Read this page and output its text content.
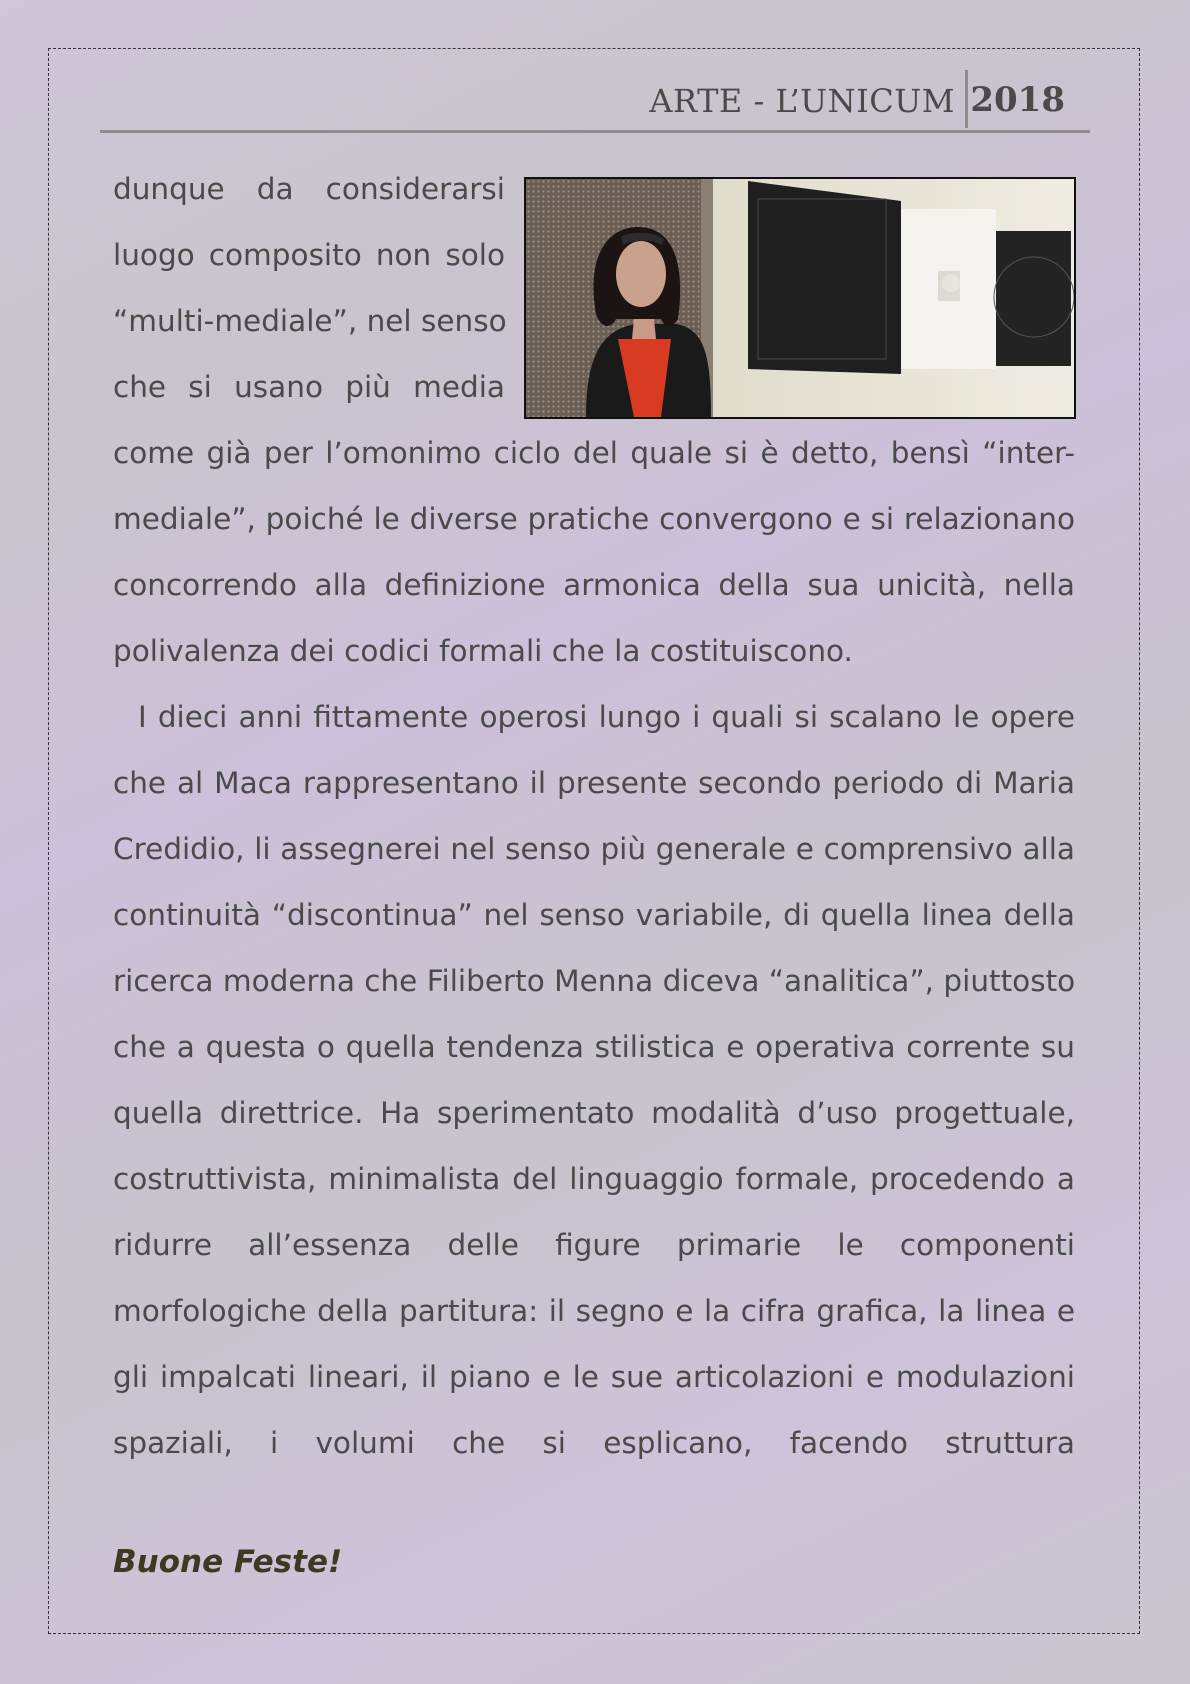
ARTE - L’UNICUM 2018
dunque da considerarsi
luogo composito non solo
“multi-mediale”, nel senso
che si usano più media
come già per l’omonimo ciclo del quale si è detto, bensì “inter-
mediale”, poiché le diverse pratiche convergono e si relazionano
concorrendo alla definizione armonica della sua unicità, nella
polivalenza dei codici formali che la costituiscono.
I dieci anni fittamente operosi lungo i quali si scalano le opere
che al Maca rappresentano il presente secondo periodo di Maria
Credidio, li assegnerei nel senso più generale e comprensivo alla
continuità “discontinua” nel senso variabile, di quella linea della
ricerca moderna che Filiberto Menna diceva “analitica”, piuttosto
che a questa o quella tendenza stilistica e operativa corrente su
quella direttrice. Ha sperimentato modalità d’uso progettuale,
costruttivista, minimalista del linguaggio formale, procedendo a
ridurre all’essenza delle figure primarie le componenti
morfologiche della partitura: il segno e la cifra grafica, la linea e
gli impalcati lineari, il piano e le sue articolazioni e modulazioni
spaziali, i volumi che si esplicano, facendo struttura
Buone Feste!
